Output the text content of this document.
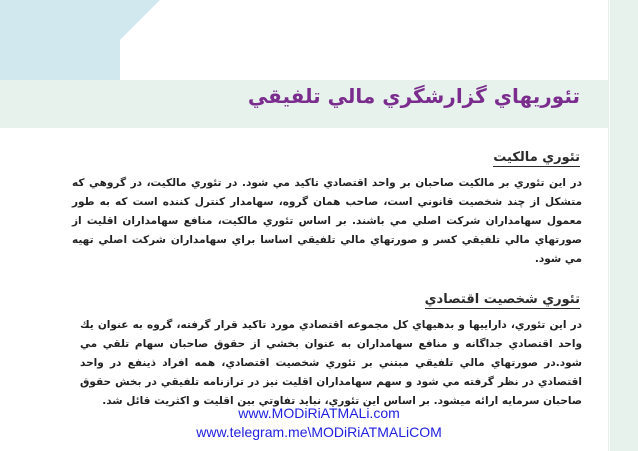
تئوريهاي گزارشگري مالي تلفيقي
تئوري مالكيت
در اين تئوري بر مالكيت صاحبان بر واحد اقتصادي تاكيد مي شود. در تئوري مالكيت، در گروهي كه متشكل از چند شخصيت قانوني است، صاحب همان گروه، سهامدار كنترل كننده است كه به طور معمول سهامداران شركت اصلي مي باشند. بر اساس تئوري مالكيت، منافع سهامداران اقليت از صورتهاي مالي تلفيقي كسر و صورتهاي مالي تلفيقي اساسا براي سهامداران شركت اصلي تهيه مي شود.
تئوري شخصيت اقتصادي
در اين تئوري، داراييها و بدهيهاي كل مجموعه اقتصادي مورد تاكيد قرار گرفته، گروه به عنوان يك واحد اقتصادي جداگانه و منافع سهامداران به عنوان بخشي از حقوق صاحبان سهام تلقي مي شود.در صورتهاي مالي تلفيقي مبتني بر تئوري شخصيت اقتصادي، همه افراد ذينفع در واحد اقتصادي در نظر گرفته مي شود و سهم سهامداران اقليت نيز در ترازنامه تلفيقي در بخش حقوق صاحبان سرمايه ارائه ميشود. بر اساس اين تئوري، نبايد تفاوتي بين اقليت و اكثريت قائل شد.
www.MODiRiATMALi.com
www.telegram.me\MODiRiATMALiCOM
